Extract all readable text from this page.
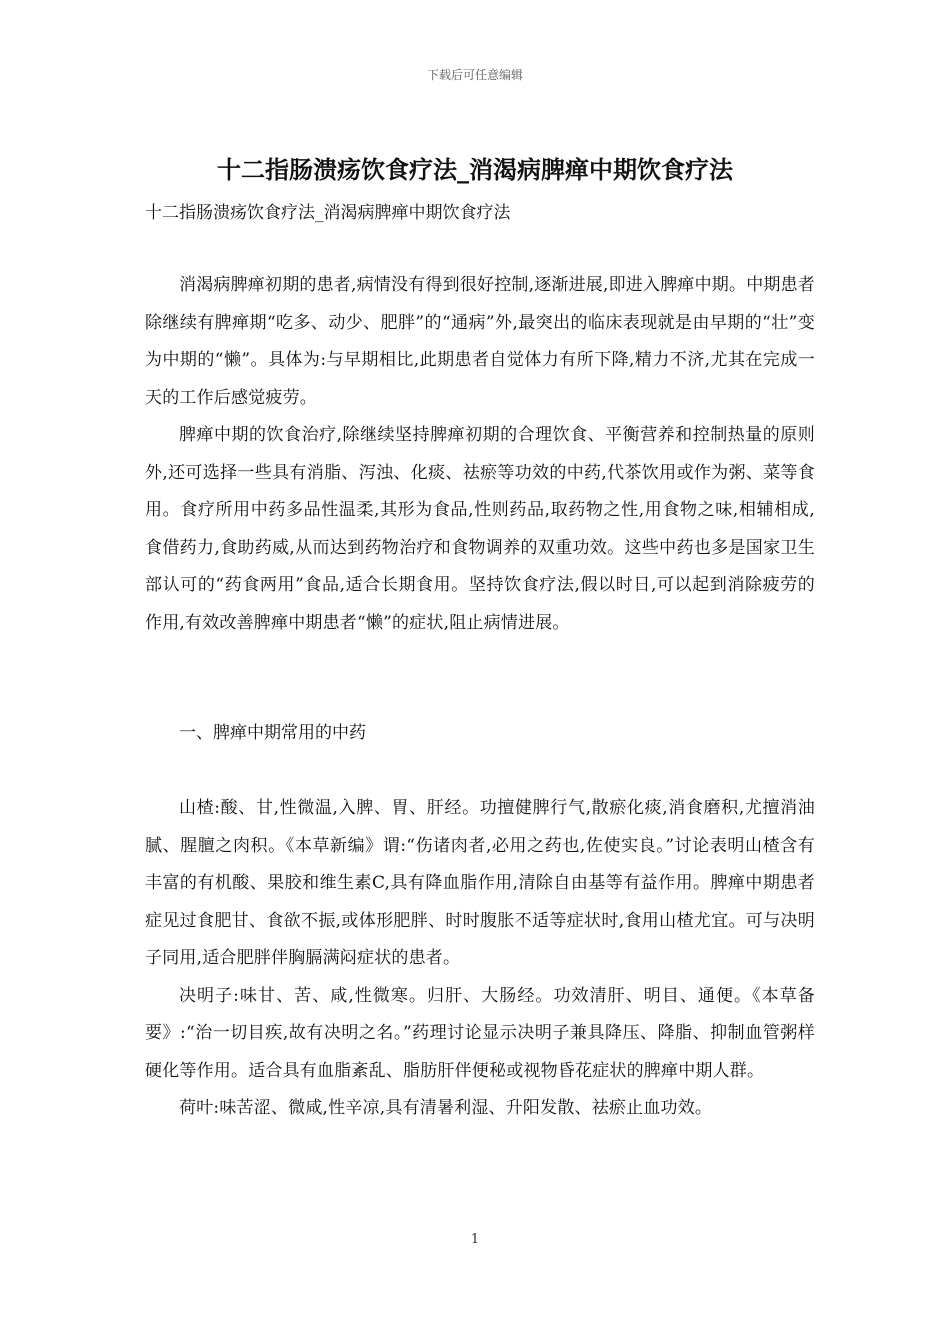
下载后可任意编辑
十二指肠溃疡饮食疗法_消渴病脾瘅中期饮食疗法
十二指肠溃疡饮食疗法_消渴病脾瘅中期饮食疗法

消渴病脾瘅初期的患者,病情没有得到很好控制,逐渐进展,即进入脾瘅中期。中期患者除继续有脾瘅期“吃多、动少、肥胖”的“通病”外,最突出的临床表现就是由早期的“壮”变为中期的“懒”。具体为:与早期相比,此期患者自觉体力有所下降,精力不济,尤其在完成一天的工作后感觉疲劳。

脾瘅中期的饮食治疗,除继续坚持脾瘅初期的合理饮食、平衡营养和控制热量的原则外,还可选择一些具有消脂、泻浊、化痰、祛瘀等功效的中药,代茶饮用或作为粥、菜等食用。食疗所用中药多品性温柔,其形为食品,性则药品,取药物之性,用食物之味,相辅相成,食借药力,食助药威,从而达到药物治疗和食物调养的双重功效。这些中药也多是国家卫生部认可的“药食两用”食品,适合长期食用。坚持饮食疗法,假以时日,可以起到消除疲劳的作用,有效改善脾瘅中期患者“懒”的症状,阻止病情进展。

一、脾瘅中期常用的中药

山楂:酸、甘,性微温,入脾、胃、肝经。功擅健脾行气,散瘀化痰,消食磨积,尤擅消油腻、腥膻之肉积。《本草新编》谓:“伤诸肉者,必用之药也,佐使实良。”讨论表明山楂含有丰富的有机酸、果胶和维生素C,具有降血脂作用,清除自由基等有益作用。脾瘅中期患者症见过食肥甘、食欲不振,或体形肥胖、时时腹胀不适等症状时,食用山楂尤宜。可与决明子同用,适合肥胖伴胸膈满闷症状的患者。

决明子:味甘、苦、咸,性微寒。归肝、大肠经。功效清肝、明目、通便。《本草备要》:“治一切目疾,故有决明之名。”药理讨论显示决明子兼具降压、降脂、抑制血管粥样硬化等作用。适合具有血脂紊乱、脂肪肝伴便秘或视物昏花症状的脾瘅中期人群。

荷叶:味苦涩、微咸,性辛凉,具有清暑利湿、升阳发散、祛瘀止血功效。

1
